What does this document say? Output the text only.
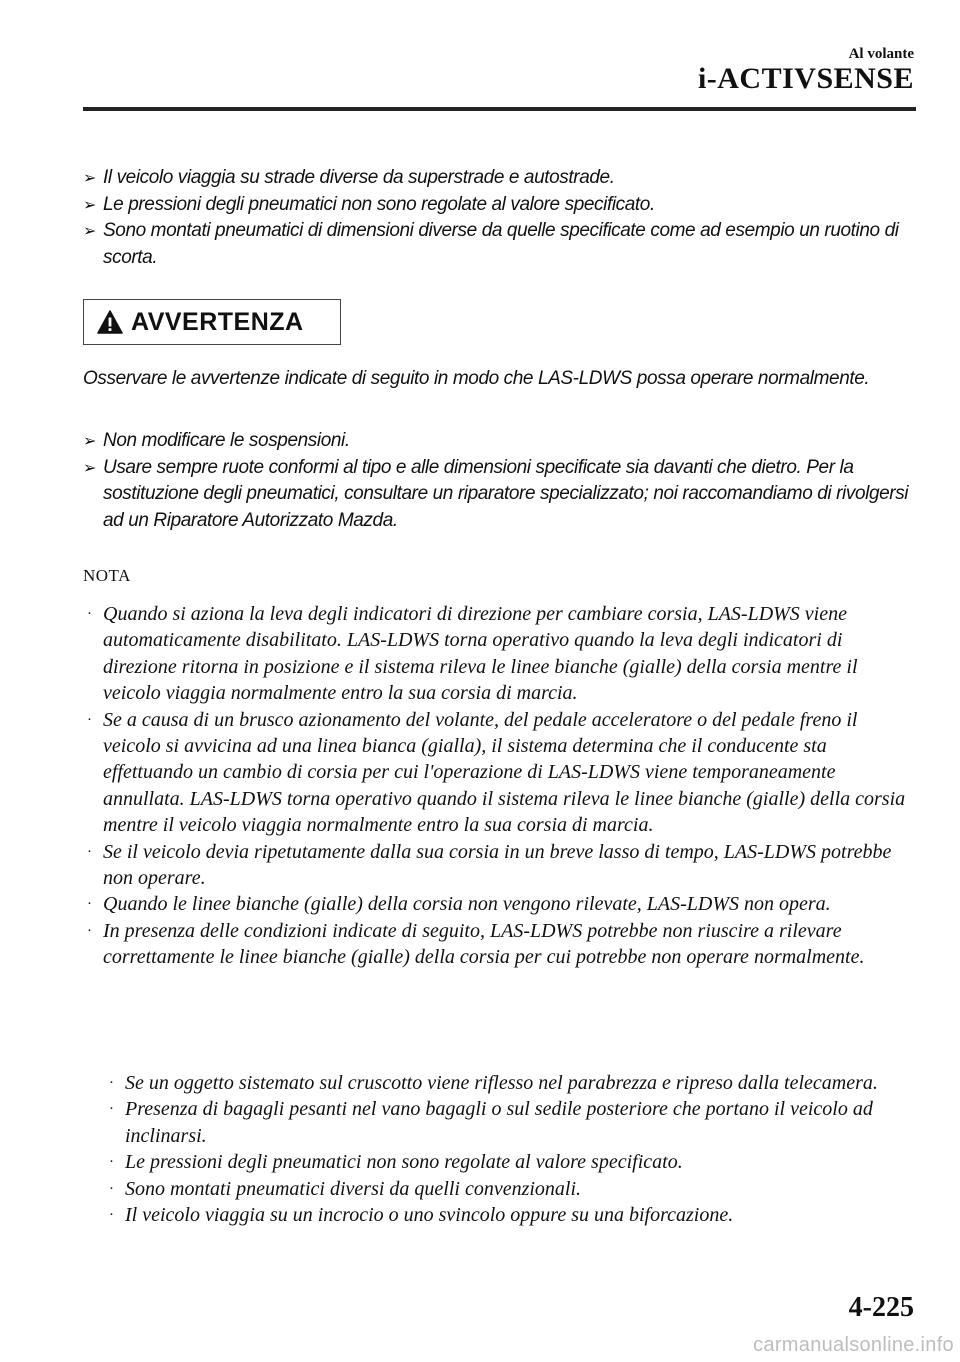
Al volante
i-ACTIVSENSE
➢ Il veicolo viaggia su strade diverse da superstrade e autostrade.
➢ Le pressioni degli pneumatici non sono regolate al valore specificato.
➢ Sono montati pneumatici di dimensioni diverse da quelle specificate come ad esempio un ruotino di scorta.
AVVERTENZA
Osservare le avvertenze indicate di seguito in modo che LAS-LDWS possa operare normalmente.
➢ Non modificare le sospensioni.
➢ Usare sempre ruote conformi al tipo e alle dimensioni specificate sia davanti che dietro. Per la sostituzione degli pneumatici, consultare un riparatore specializzato; noi raccomandiamo di rivolgersi ad un Riparatore Autorizzato Mazda.
NOTA
· Quando si aziona la leva degli indicatori di direzione per cambiare corsia, LAS-LDWS viene automaticamente disabilitato. LAS-LDWS torna operativo quando la leva degli indicatori di direzione ritorna in posizione e il sistema rileva le linee bianche (gialle) della corsia mentre il veicolo viaggia normalmente entro la sua corsia di marcia.
· Se a causa di un brusco azionamento del volante, del pedale acceleratore o del pedale freno il veicolo si avvicina ad una linea bianca (gialla), il sistema determina che il conducente sta effettuando un cambio di corsia per cui l'operazione di LAS-LDWS viene temporaneamente annullata. LAS-LDWS torna operativo quando il sistema rileva le linee bianche (gialle) della corsia mentre il veicolo viaggia normalmente entro la sua corsia di marcia.
· Se il veicolo devia ripetutamente dalla sua corsia in un breve lasso di tempo, LAS-LDWS potrebbe non operare.
· Quando le linee bianche (gialle) della corsia non vengono rilevate, LAS-LDWS non opera.
· In presenza delle condizioni indicate di seguito, LAS-LDWS potrebbe non riuscire a rilevare correttamente le linee bianche (gialle) della corsia per cui potrebbe non operare normalmente.
· Se un oggetto sistemato sul cruscotto viene riflesso nel parabrezza e ripreso dalla telecamera.
· Presenza di bagagli pesanti nel vano bagagli o sul sedile posteriore che portano il veicolo ad inclinarsi.
· Le pressioni degli pneumatici non sono regolate al valore specificato.
· Sono montati pneumatici diversi da quelli convenzionali.
· Il veicolo viaggia su un incrocio o uno svincolo oppure su una biforcazione.
4-225
carmanualsonline.info
